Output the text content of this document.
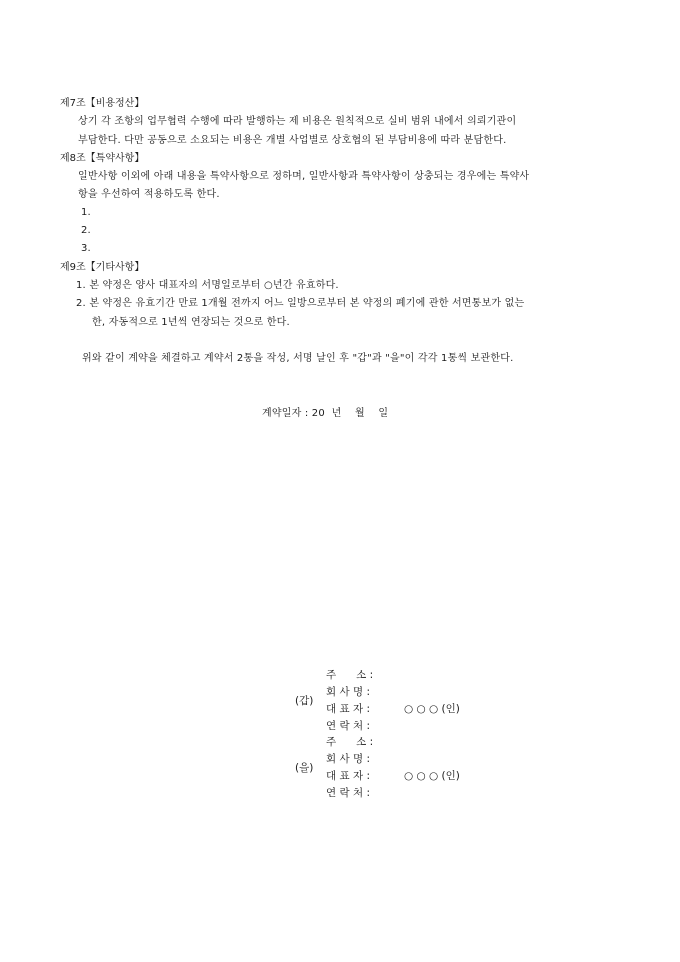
제7조【비용정산】
상기 각 조항의 업무협력 수행에 따라 발행하는 제 비용은 원칙적으로 실비 범위 내에서 의뢰기관이
부담한다. 다만 공동으로 소요되는 비용은 개별 사업별로 상호협의 된 부담비용에 따라 분담한다.
제8조【특약사항】
일반사항 이외에 아래 내용을 특약사항으로 정하며, 일반사항과 특약사항이 상충되는 경우에는 특약사
항을 우선하여 적용하도록 한다.
1.
2.
3.
제9조【기타사항】
1. 본 약정은 양사 대표자의 서명일로부터 ○년간 유효하다.
2. 본 약정은 유효기간 만료 1개월 전까지 어느 일방으로부터 본 약정의 폐기에 관한 서면통보가 없는
한, 자동적으로 1년씩 연장되는 것으로 한다.
위와 같이 계약을 체결하고 계약서 2통을 작성, 서명 날인 후 "갑"과 "을"이 각각 1통씩 보관한다.
계약일자 : 20  년    월    일
(갑)
주      소 :
회 사 명 :
대 표 자 :	○ ○ ○ (인)
연 락 처 :
(을)
주      소 :
회 사 명 :
대 표 자 :	○ ○ ○ (인)
연 락 처 :
